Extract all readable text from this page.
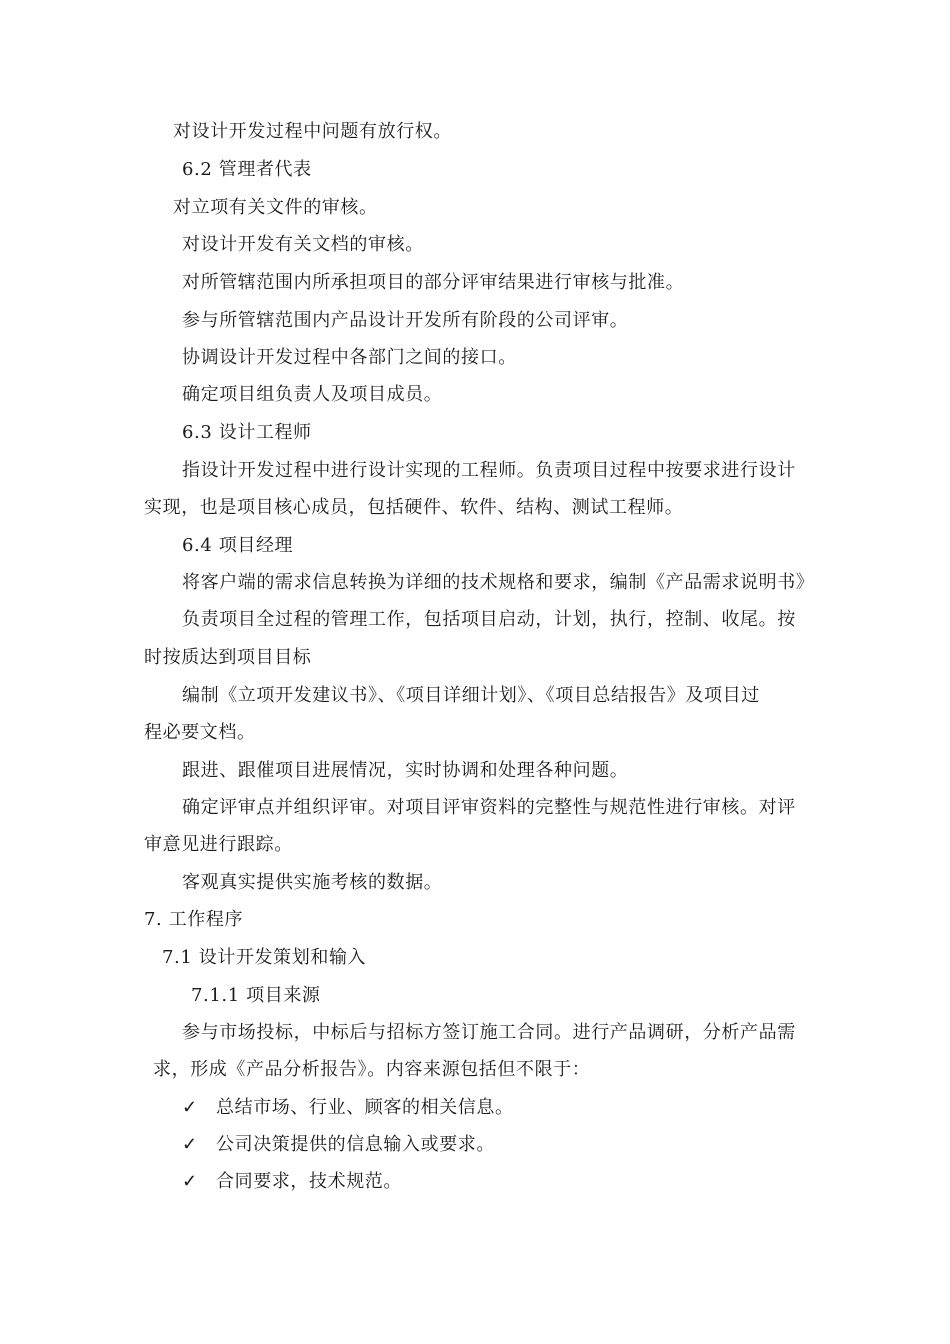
对设计开发过程中问题有放行权。
6.2 管理者代表
对立项有关文件的审核。
对设计开发有关文档的审核。
对所管辖范围内所承担项目的部分评审结果进行审核与批准。
参与所管辖范围内产品设计开发所有阶段的公司评审。
协调设计开发过程中各部门之间的接口。
确定项目组负责人及项目成员。
6.3 设计工程师
指设计开发过程中进行设计实现的工程师。负责项目过程中按要求进行设计
实现，也是项目核心成员，包括硬件、软件、结构、测试工程师。
6.4 项目经理
将客户端的需求信息转换为详细的技术规格和要求，编制《产品需求说明书》
负责项目全过程的管理工作，包括项目启动，计划，执行，控制、收尾。按
时按质达到项目目标
编制《立项开发建议书》、《项目详细计划》、《项目总结报告》及项目过
程必要文档。
跟进、跟催项目进展情况，实时协调和处理各种问题。
确定评审点并组织评审。对项目评审资料的完整性与规范性进行审核。对评
审意见进行跟踪。
客观真实提供实施考核的数据。
7. 工作程序
7.1 设计开发策划和输入
7.1.1 项目来源
参与市场投标，中标后与招标方签订施工合同。进行产品调研，分析产品需
求，形成《产品分析报告》。内容来源包括但不限于：
✓ 总结市场、行业、顾客的相关信息。
✓ 公司决策提供的信息输入或要求。
✓ 合同要求，技术规范。
